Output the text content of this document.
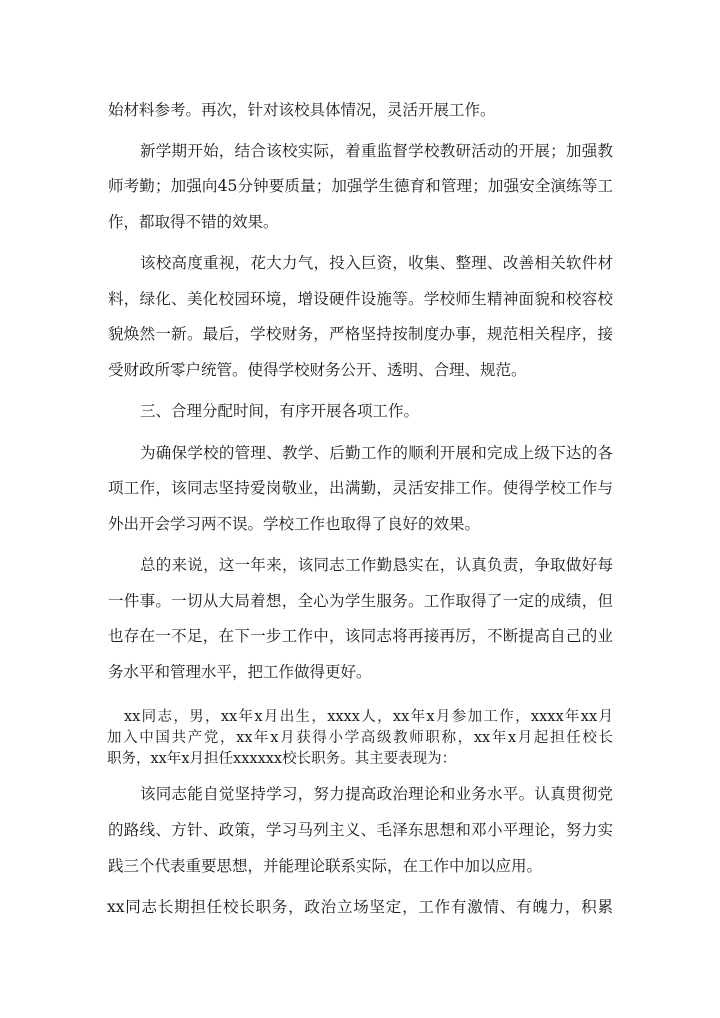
始材料参考。再次，针对该校具体情况，灵活开展工作。
新学期开始，结合该校实际，着重监督学校教研活动的开展；加强教
师考勤；加强向45分钟要质量；加强学生德育和管理；加强安全演练等工
作，都取得不错的效果。
该校高度重视，花大力气，投入巨资，收集、整理、改善相关软件材
料，绿化、美化校园环境，增设硬件设施等。学校师生精神面貌和校容校
貌焕然一新。最后，学校财务，严格坚持按制度办事，规范相关程序，接
受财政所零户统管。使得学校财务公开、透明、合理、规范。
三、合理分配时间，有序开展各项工作。
为确保学校的管理、教学、后勤工作的顺利开展和完成上级下达的各
项工作，该同志坚持爱岗敬业，出满勤，灵活安排工作。使得学校工作与
外出开会学习两不误。学校工作也取得了良好的效果。
总的来说，这一年来，该同志工作勤恳实在，认真负责，争取做好每
一件事。一切从大局着想，全心为学生服务。工作取得了一定的成绩，但
也存在一不足，在下一步工作中，该同志将再接再厉，不断提高自己的业
务水平和管理水平，把工作做得更好。
xx同志，男，xx年x月出生，xxxx人，xx年x月参加工作，xxxx年xx月
加入中国共产党，xx年x月获得小学高级教师职称，xx年x月起担任校长
职务，xx年x月担任xxxxxx校长职务。其主要表现为：
该同志能自觉坚持学习，努力提高政治理论和业务水平。认真贯彻党
的路线、方针、政策，学习马列主义、毛泽东思想和邓小平理论，努力实
践三个代表重要思想，并能理论联系实际，在工作中加以应用。
xx同志长期担任校长职务，政治立场坚定，工作有激情、有魄力，积累
